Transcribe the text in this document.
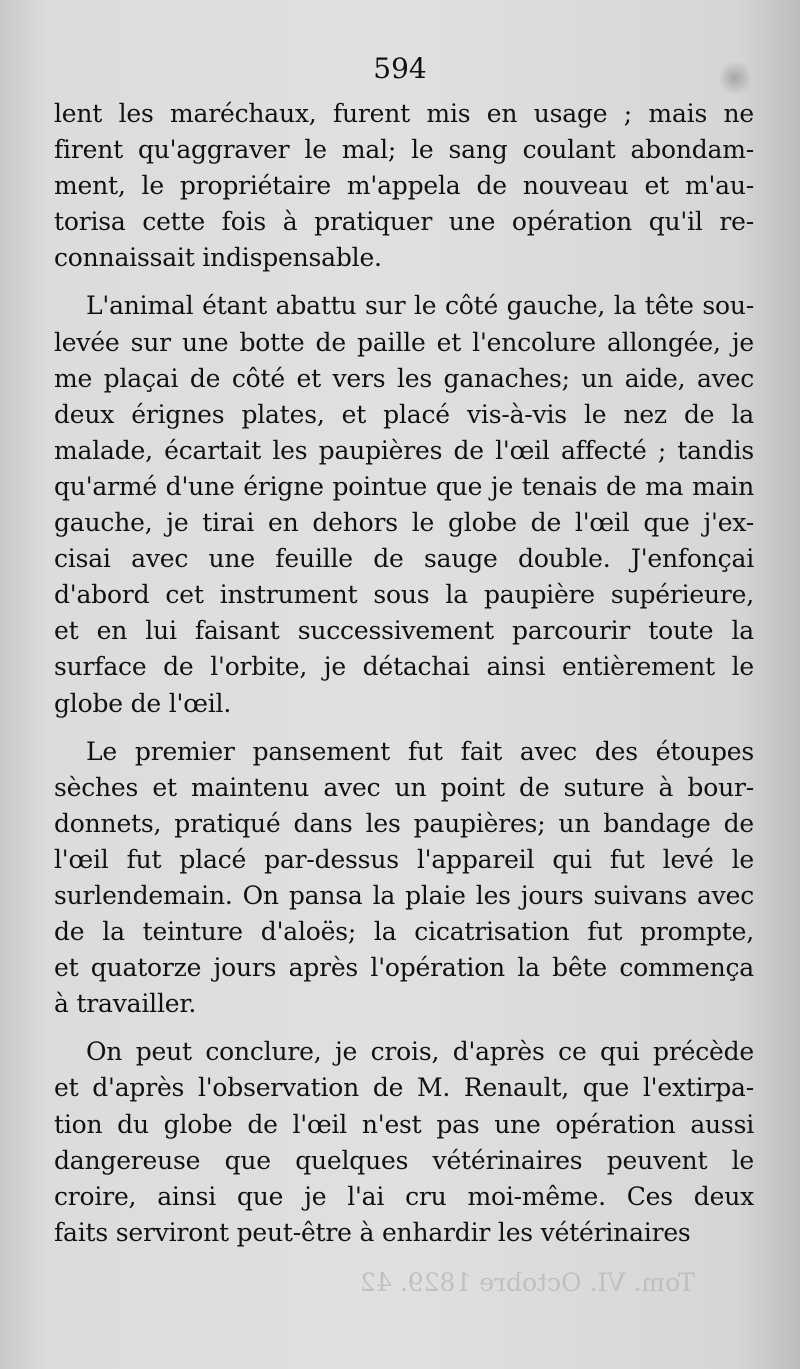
594
lent les maréchaux, furent mis en usage ; mais ne
firent qu'aggraver le mal; le sang coulant abondam-
ment, le propriétaire m'appela de nouveau et m'au-
torisa cette fois à pratiquer une opération qu'il re-
connaissait indispensable.
L'animal étant abattu sur le côté gauche, la tête sou-
levée sur une botte de paille et l'encolure allongée, je
me plaçai de côté et vers les ganaches; un aide, avec
deux érignes plates, et placé vis-à-vis le nez de la
malade, écartait les paupières de l'œil affecté ; tandis
qu'armé d'une érigne pointue que je tenais de ma main
gauche, je tirai en dehors le globe de l'œil que j'ex-
cisai avec une feuille de sauge double. J'enfonçai
d'abord cet instrument sous la paupière supérieure,
et en lui faisant successivement parcourir toute la
surface de l'orbite, je détachai ainsi entièrement le
globe de l'œil.
Le premier pansement fut fait avec des étoupes
sèches et maintenu avec un point de suture à bour-
donnets, pratiqué dans les paupières; un bandage de
l'œil fut placé par-dessus l'appareil qui fut levé le
surlendemain. On pansa la plaie les jours suivans avec
de la teinture d'aloës; la cicatrisation fut prompte,
et quatorze jours après l'opération la bête commença
à travailler.
On peut conclure, je crois, d'après ce qui précède
et d'après l'observation de M. Renault, que l'extirpa-
tion du globe de l'œil n'est pas une opération aussi
dangereuse que quelques vétérinaires peuvent le
croire, ainsi que je l'ai cru moi-même. Ces deux
faits serviront peut-être à enhardir les vétérinaires
Tom. VI. Octobre 1829. 42
